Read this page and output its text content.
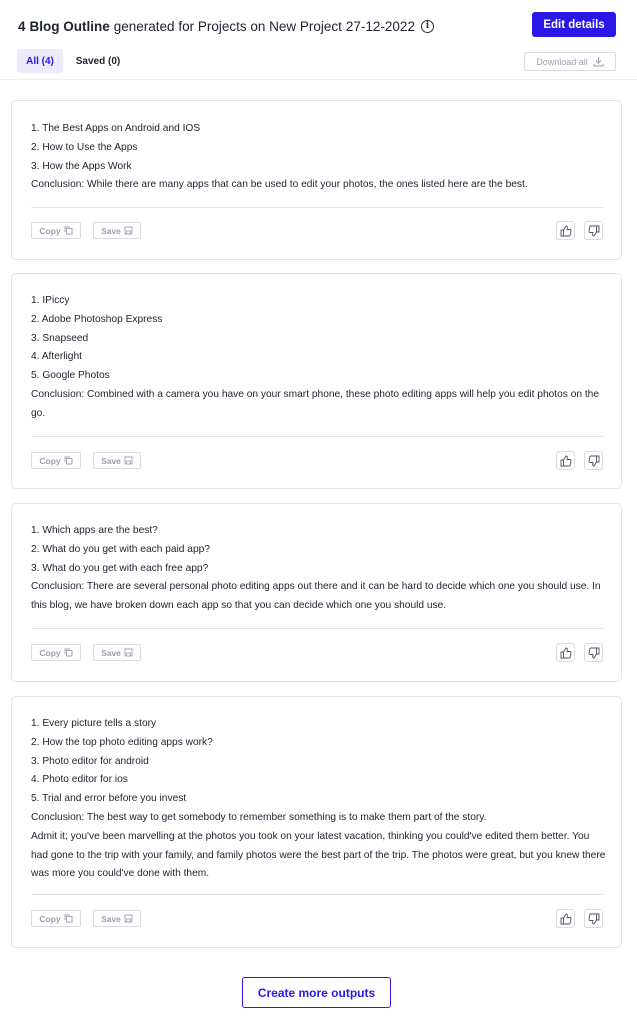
4 Blog Outline generated for Projects on New Project 27-12-2022	i	Edit details
All (4)	Saved (0)	Download all
1. The Best Apps on Android and IOS
2. How to Use the Apps
3. How the Apps Work
Conclusion: While there are many apps that can be used to edit your photos, the ones listed here are the best.
Copy	Save
1. IPiccy
2. Adobe Photoshop Express
3. Snapseed
4. Afterlight
5. Google Photos
Conclusion: Combined with a camera you have on your smart phone, these photo editing apps will help you edit photos on the go.
Copy	Save
1. Which apps are the best?
2. What do you get with each paid app?
3. What do you get with each free app?
Conclusion: There are several personal photo editing apps out there and it can be hard to decide which one you should use. In this blog, we have broken down each app so that you can decide which one you should use.
Copy	Save
1. Every picture tells a story
2. How the top photo editing apps work?
3. Photo editor for android
4. Photo editor for ios
5. Trial and error before you invest
Conclusion: The best way to get somebody to remember something is to make them part of the story.
Admit it; you've been marvelling at the photos you took on your latest vacation, thinking you could've edited them better. You had gone to the trip with your family, and family photos were the best part of the trip. The photos were great, but you knew there was more you could've done with them.
Copy	Save
Create more outputs
